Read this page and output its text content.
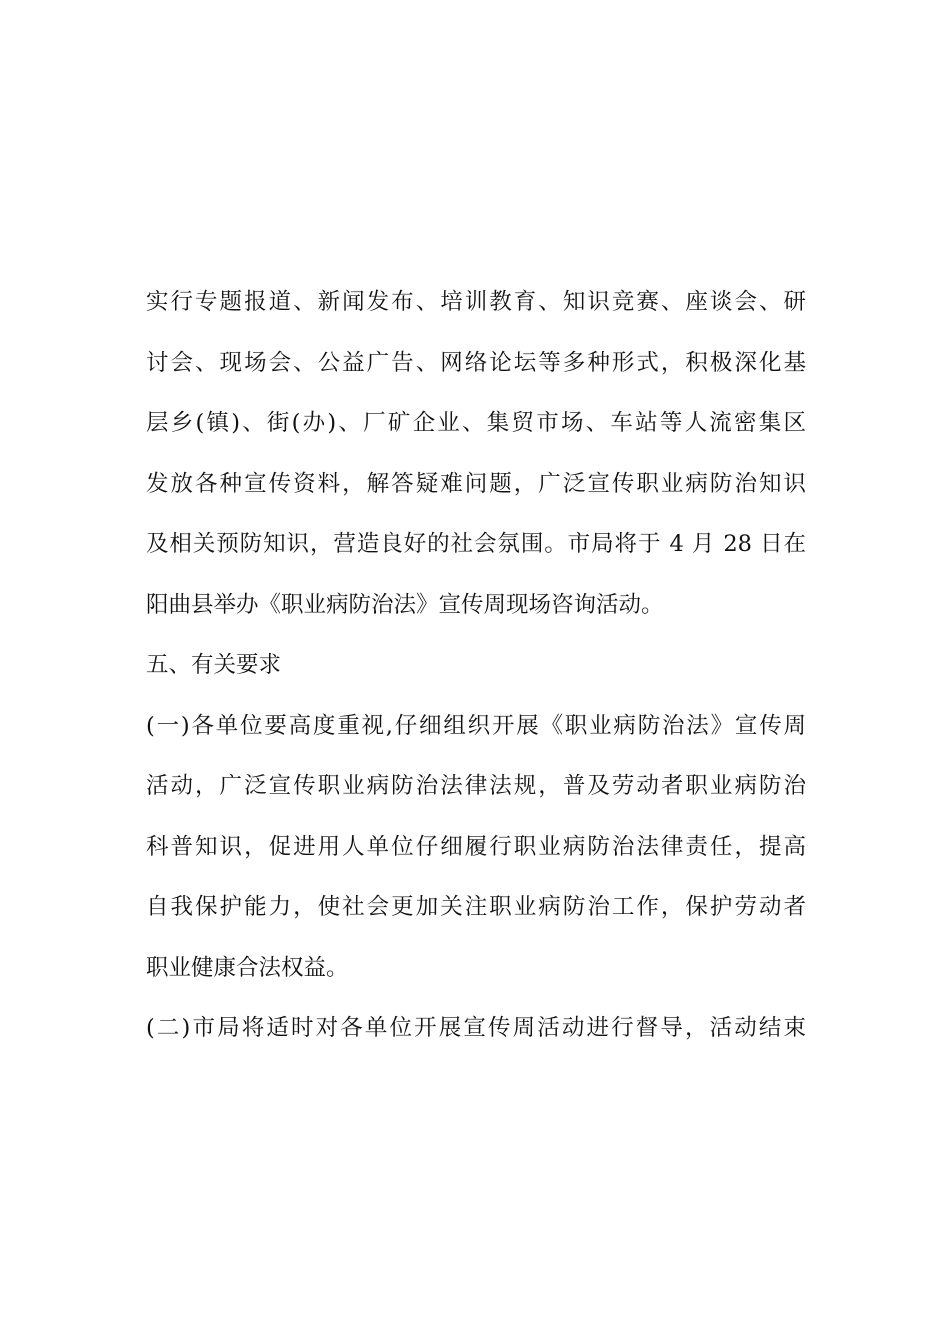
实行专题报道、新闻发布、培训教育、知识竞赛、座谈会、研
讨会、现场会、公益广告、网络论坛等多种形式，积极深化基
层乡(镇)、街(办)、厂矿企业、集贸市场、车站等人流密集区
发放各种宣传资料，解答疑难问题，广泛宣传职业病防治知识
及相关预防知识，营造良好的社会氛围。市局将于 4 月 28 日在
阳曲县举办《职业病防治法》宣传周现场咨询活动。
五、有关要求
(一)各单位要高度重视,仔细组织开展《职业病防治法》宣传周
活动，广泛宣传职业病防治法律法规，普及劳动者职业病防治
科普知识，促进用人单位仔细履行职业病防治法律责任，提高
自我保护能力，使社会更加关注职业病防治工作，保护劳动者
职业健康合法权益。
(二)市局将适时对各单位开展宣传周活动进行督导，活动结束
